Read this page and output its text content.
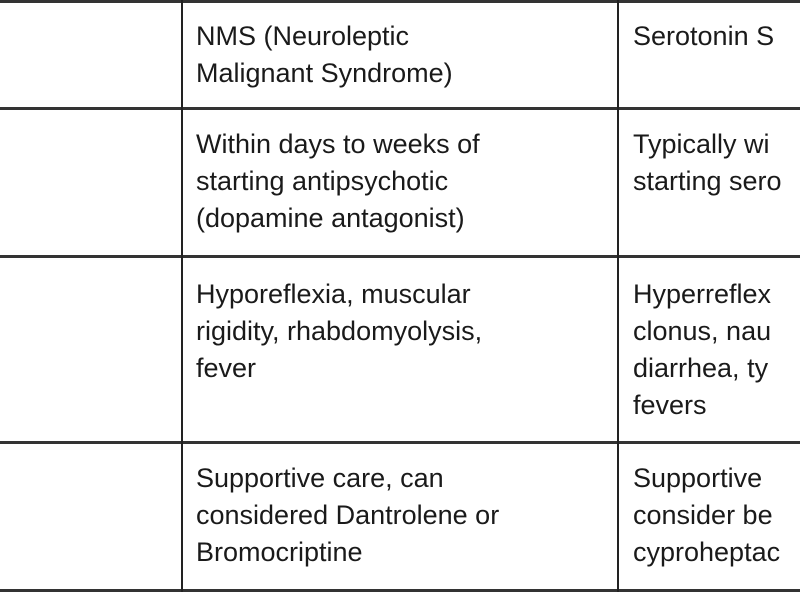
NMS (Neuroleptic
Malignant Syndrome)
Serotonin S
Within days to weeks of
starting antipsychotic
(dopamine antagonist)
Typically wi
starting sero
Hyporeflexia, muscular
rigidity, rhabdomyolysis,
fever
Hyperreflex
clonus, nau
diarrhea, ty
fevers
Supportive care, can
considered Dantrolene or
Bromocriptine
Supportive
consider be
cyproheptac
